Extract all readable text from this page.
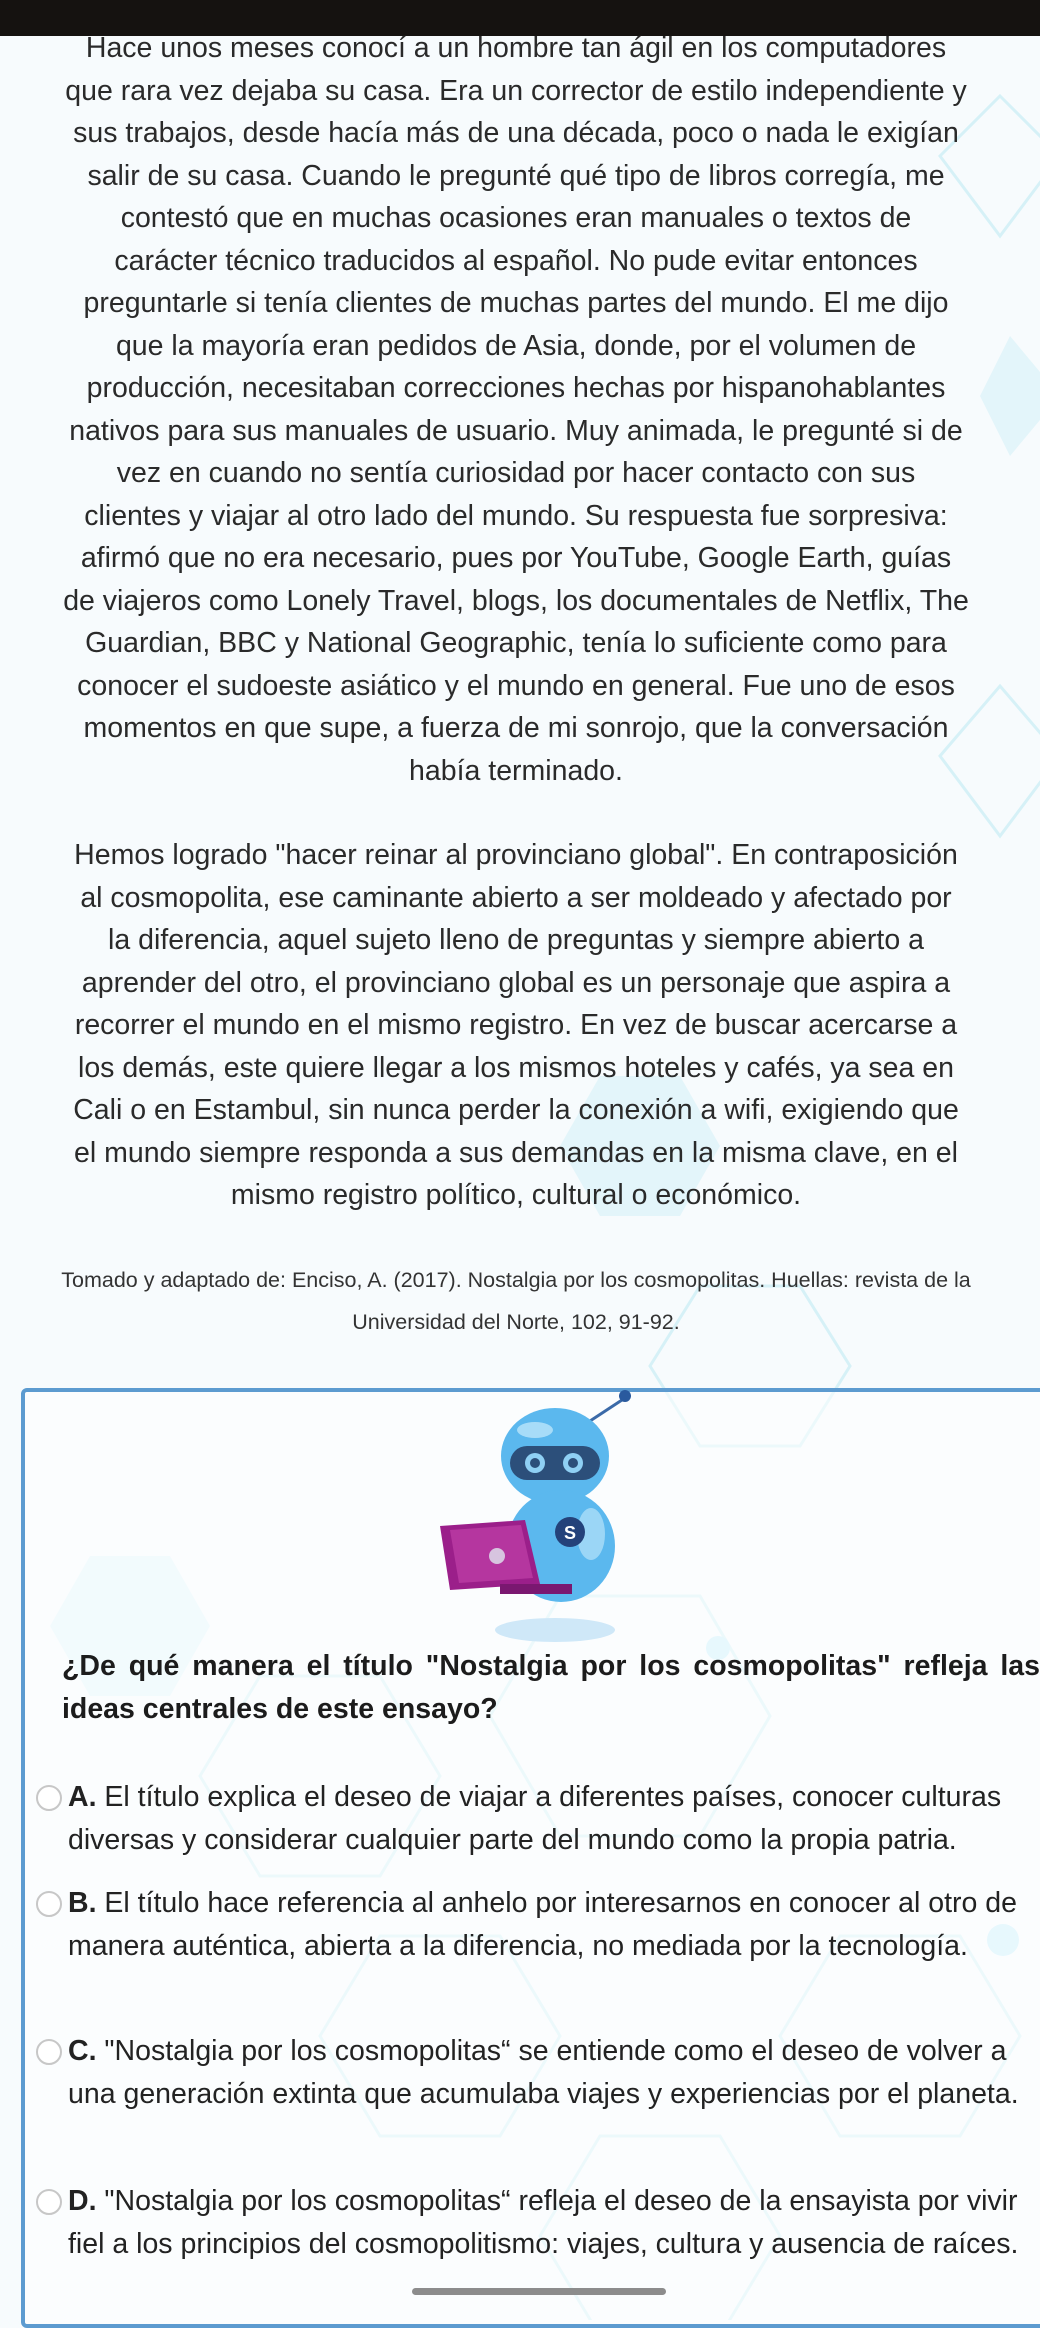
Hace unos meses conocí a un hombre tan ágil en los computadores
que rara vez dejaba su casa. Era un corrector de estilo independiente y
sus trabajos, desde hacía más de una década, poco o nada le exigían
salir de su casa. Cuando le pregunté qué tipo de libros corregía, me
contestó que en muchas ocasiones eran manuales o textos de
carácter técnico traducidos al español. No pude evitar entonces
preguntarle si tenía clientes de muchas partes del mundo. El me dijo
que la mayoría eran pedidos de Asia, donde, por el volumen de
producción, necesitaban correcciones hechas por hispanohablantes
nativos para sus manuales de usuario. Muy animada, le pregunté si de
vez en cuando no sentía curiosidad por hacer contacto con sus
clientes y viajar al otro lado del mundo. Su respuesta fue sorpresiva:
afirmó que no era necesario, pues por YouTube, Google Earth, guías
de viajeros como Lonely Travel, blogs, los documentales de Netflix, The
Guardian, BBC y National Geographic, tenía lo suficiente como para
conocer el sudoeste asiático y el mundo en general. Fue uno de esos
momentos en que supe, a fuerza de mi sonrojo, que la conversación
había terminado.
Hemos logrado "hacer reinar al provinciano global". En contraposición
al cosmopolita, ese caminante abierto a ser moldeado y afectado por
la diferencia, aquel sujeto lleno de preguntas y siempre abierto a
aprender del otro, el provinciano global es un personaje que aspira a
recorrer el mundo en el mismo registro. En vez de buscar acercarse a
los demás, este quiere llegar a los mismos hoteles y cafés, ya sea en
Cali o en Estambul, sin nunca perder la conexión a wifi, exigiendo que
el mundo siempre responda a sus demandas en la misma clave, en el
mismo registro político, cultural o económico.
Tomado y adaptado de: Enciso, A. (2017). Nostalgia por los cosmopolitas. Huellas: revista de la
Universidad del Norte, 102, 91-92.
S
¿De qué manera el título "Nostalgia por los cosmopolitas" refleja las ideas centrales de este ensayo?
A. El título explica el deseo de viajar a diferentes países, conocer culturas diversas y considerar cualquier parte del mundo como la propia patria.
B. El título hace referencia al anhelo por interesarnos en conocer al otro de manera auténtica, abierta a la diferencia, no mediada por la tecnología.
C. "Nostalgia por los cosmopolitas“ se entiende como el deseo de volver a una generación extinta que acumulaba viajes y experiencias por el planeta.
D. "Nostalgia por los cosmopolitas“ refleja el deseo de la ensayista por vivir fiel a los principios del cosmopolitismo: viajes, cultura y ausencia de raíces.
